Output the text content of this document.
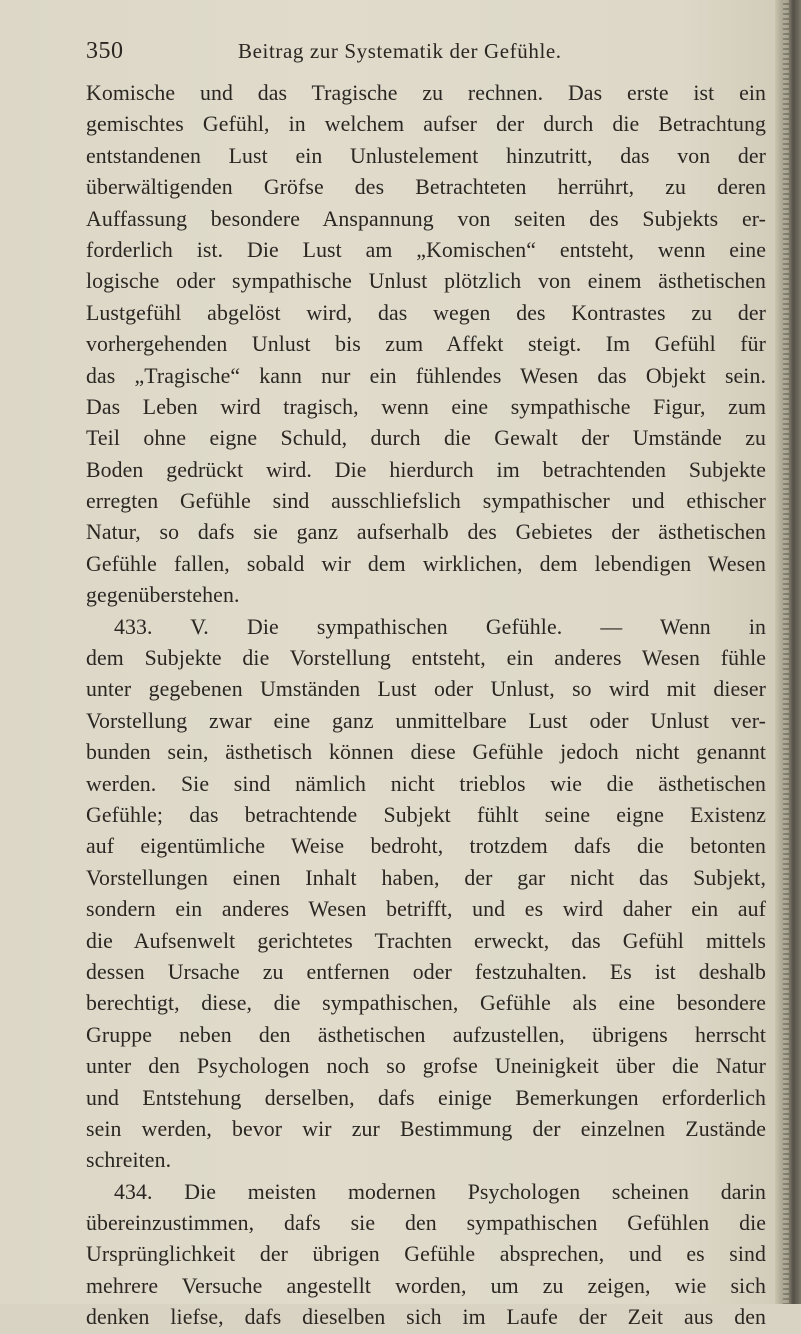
350	Beitrag zur Systematik der Gefühle.
Komische und das Tragische zu rechnen. Das erste ist ein
gemischtes Gefühl, in welchem aufser der durch die Betrachtung
entstandenen Lust ein Unlustelement hinzutritt, das von der
überwältigenden Gröfse des Betrachteten herrührt, zu deren
Auffassung besondere Anspannung von seiten des Subjekts er-
forderlich ist. Die Lust am „Komischen“ entsteht, wenn eine
logische oder sympathische Unlust plötzlich von einem ästhetischen
Lustgefühl abgelöst wird, das wegen des Kontrastes zu der
vorhergehenden Unlust bis zum Affekt steigt. Im Gefühl für
das „Tragische“ kann nur ein fühlendes Wesen das Objekt sein.
Das Leben wird tragisch, wenn eine sympathische Figur, zum
Teil ohne eigne Schuld, durch die Gewalt der Umstände zu
Boden gedrückt wird. Die hierdurch im betrachtenden Subjekte
erregten Gefühle sind ausschliefslich sympathischer und ethischer
Natur, so dafs sie ganz aufserhalb des Gebietes der ästhetischen
Gefühle fallen, sobald wir dem wirklichen, dem lebendigen Wesen
gegenüberstehen.
433. V. Die sympathischen Gefühle. — Wenn in
dem Subjekte die Vorstellung entsteht, ein anderes Wesen fühle
unter gegebenen Umständen Lust oder Unlust, so wird mit dieser
Vorstellung zwar eine ganz unmittelbare Lust oder Unlust ver-
bunden sein, ästhetisch können diese Gefühle jedoch nicht genannt
werden. Sie sind nämlich nicht trieblos wie die ästhetischen
Gefühle; das betrachtende Subjekt fühlt seine eigne Existenz
auf eigentümliche Weise bedroht, trotzdem dafs die betonten
Vorstellungen einen Inhalt haben, der gar nicht das Subjekt,
sondern ein anderes Wesen betrifft, und es wird daher ein auf
die Aufsenwelt gerichtetes Trachten erweckt, das Gefühl mittels
dessen Ursache zu entfernen oder festzuhalten. Es ist deshalb
berechtigt, diese, die sympathischen, Gefühle als eine besondere
Gruppe neben den ästhetischen aufzustellen, übrigens herrscht
unter den Psychologen noch so grofse Uneinigkeit über die Natur
und Entstehung derselben, dafs einige Bemerkungen erforderlich
sein werden, bevor wir zur Bestimmung der einzelnen Zustände
schreiten.
434. Die meisten modernen Psychologen scheinen darin
übereinzustimmen, dafs sie den sympathischen Gefühlen die
Ursprünglichkeit der übrigen Gefühle absprechen, und es sind
mehrere Versuche angestellt worden, um zu zeigen, wie sich
denken liefse, dafs dieselben sich im Laufe der Zeit aus den
